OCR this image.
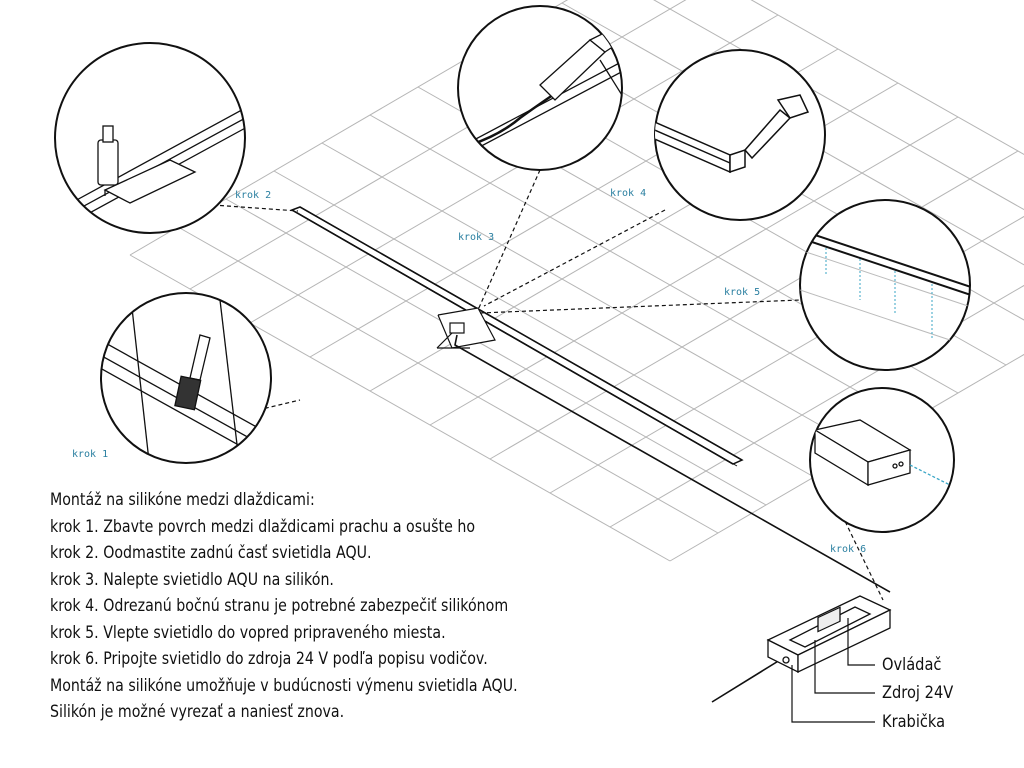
krok 1
krok 2
krok 3
krok 4
krok 5
krok 6
Montáž na silikóne medzi dlaždicami:
krok 1. Zbavte povrch medzi dlaždicami prachu a osušte ho
krok 2. Oodmastite zadnú časť svietidla AQU.
krok 3. Nalepte svietidlo AQU na silikón.
krok 4. Odrezanú bočnú stranu je potrebné zabezpečiť silikónom
krok 5. Vlepte svietidlo do vopred pripraveného miesta.
krok 6. Pripojte svietidlo do zdroja 24 V podľa popisu vodičov.
Montáž na silikóne umožňuje v budúcnosti výmenu svietidla AQU.
Silikón je možné vyrezať a naniesť znova.
Ovládač
Zdroj 24V
Krabička
